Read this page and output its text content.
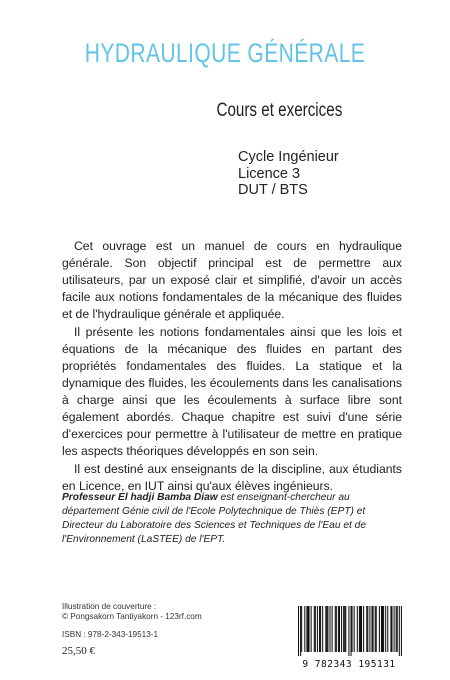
HYDRAULIQUE GÉNÉRALE
Cours et exercices
Cycle Ingénieur
Licence 3
DUT / BTS

Cet ouvrage est un manuel de cours en hydraulique générale. Son objectif principal est de permettre aux utilisateurs, par un exposé clair et simplifié, d'avoir un accès facile aux notions fondamentales de la mécanique des fluides et de l'hydraulique générale et appliquée.

Il présente les notions fondamentales ainsi que les lois et équations de la mécanique des fluides en partant des propriétés fondamentales des fluides. La statique et la dynamique des fluides, les écoulements dans les canalisations à charge ainsi que les écoulements à surface libre sont également abordés. Chaque chapitre est suivi d'une série d'exercices pour permettre à l'utilisateur de mettre en pratique les aspects théoriques développés en son sein.

Il est destiné aux enseignants de la discipline, aux étudiants en Licence, en IUT ainsi qu'aux élèves ingénieurs.

Professeur El hadji Bamba Diaw est enseignant-chercheur au département Génie civil de l'Ecole Polytechnique de Thiès (EPT) et Directeur du Laboratoire des Sciences et Techniques de l'Eau et de l'Environnement (LaSTEE) de l'EPT.
Illustration de couverture :
© Pongsakorn Tantiyakorn - 123rf.com
ISBN : 978-2-343-19513-1
25,50 €
9 782343 195131
